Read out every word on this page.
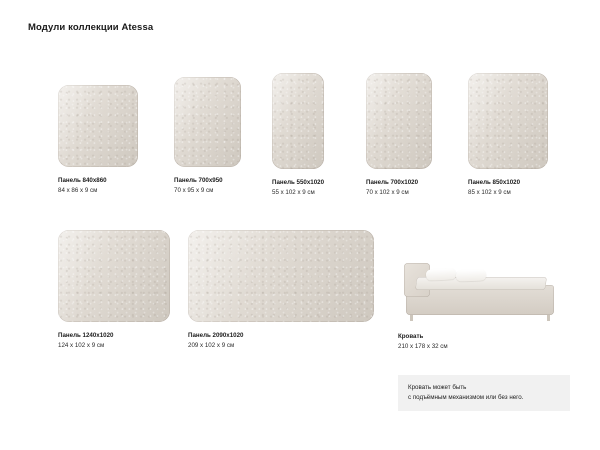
Модули коллекции Atessa
Панель 840x860
84 x 86 x 9 см
Панель 700x950
70 x 95 x 9 см
Панель 550x1020
55 x 102 x 9 см
Панель 700x1020
70 x 102 x 9 см
Панель 850x1020
85 x 102 x 9 см
Панель 1240x1020
124 x 102 x 9 см
Панель 2090x1020
209 x 102 x 9 см
Кровать
210 x 178 x 32 см
Кровать может быть
с подъёмным механизмом или без него.
